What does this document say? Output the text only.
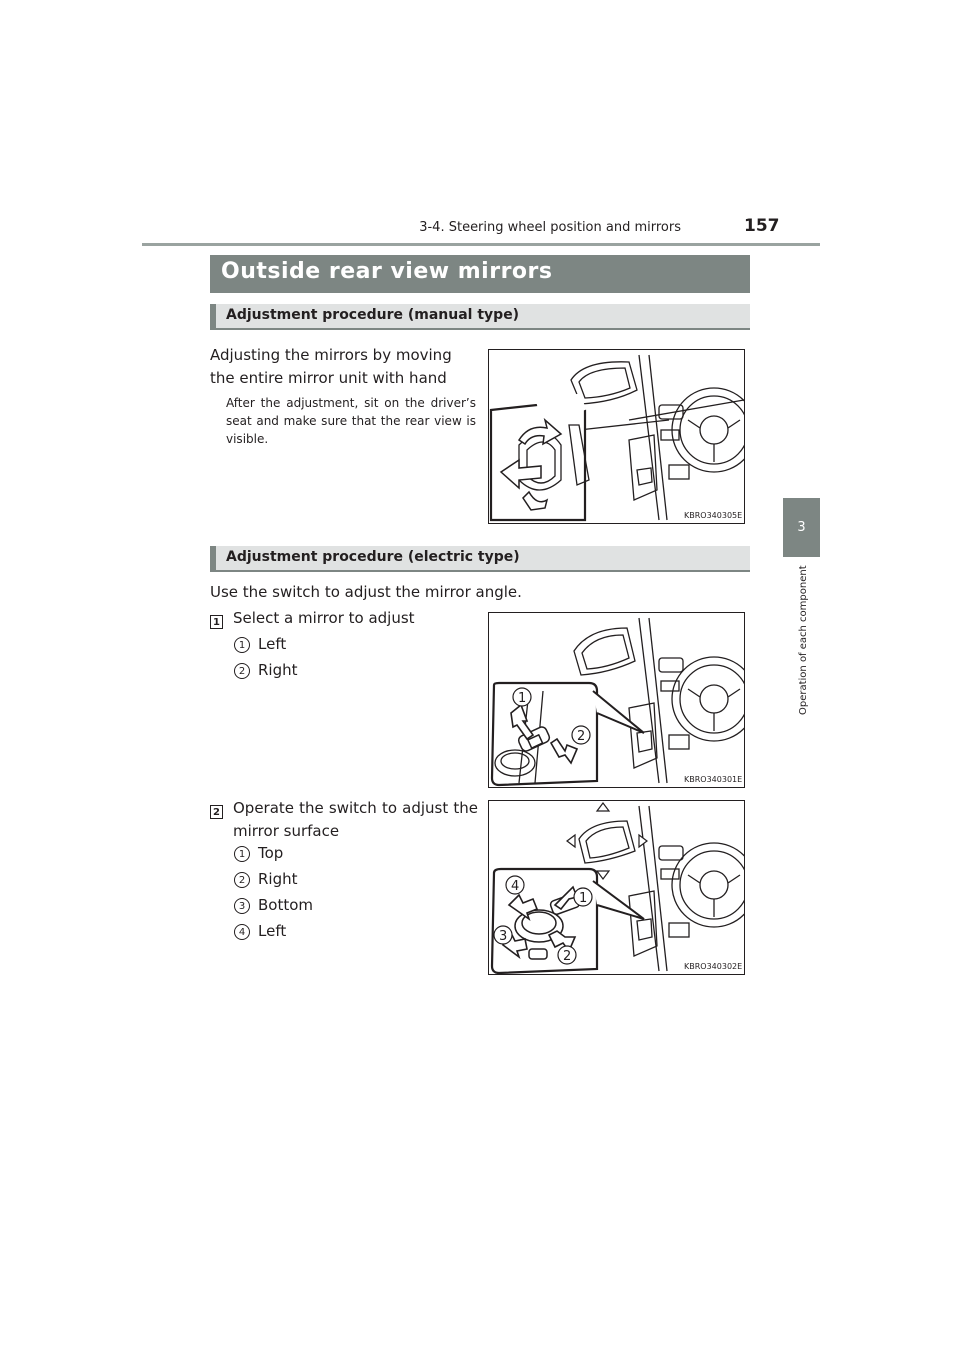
3-4. Steering wheel position and mirrors	157
3
Operation of each component
Outside rear view mirrors
Adjustment procedure (manual type)
Adjusting the mirrors by moving the entire mirror unit with hand
After the adjustment, sit on the driver’s seat and make sure that the rear view is visible.
KBRO340305E
Adjustment procedure (electric type)
Use the switch to adjust the mirror angle.
1 Select a mirror to adjust
1 Left
2 Right
1
2
KBRO340301E
2 Operate the switch to adjust the mirror surface
1 Top
2 Right
3 Bottom
4 Left
4
1
3
2
KBRO340302E
